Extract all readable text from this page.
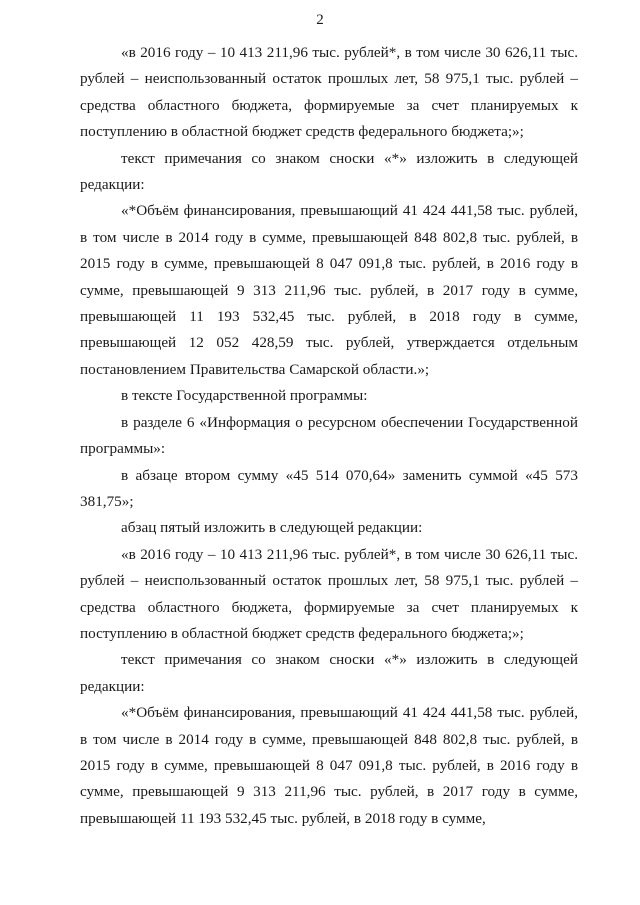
2

«в 2016 году – 10 413 211,96 тыс. рублей*, в том числе 30 626,11 тыс. рублей – неиспользованный остаток прошлых лет, 58 975,1 тыс. рублей – средства областного бюджета, формируемые за счет планируемых к поступлению в областной бюджет средств федерального бюджета;»;

текст примечания со знаком сноски «*» изложить в следующей редакции:

«*Объём финансирования, превышающий 41 424 441,58 тыс. рублей, в том числе в 2014 году в сумме, превышающей 848 802,8 тыс. рублей, в 2015 году в сумме, превышающей 8 047 091,8 тыс. рублей, в 2016 году в сумме, превышающей 9 313 211,96 тыс. рублей, в 2017 году в сумме, превышающей 11 193 532,45 тыс. рублей, в 2018 году в сумме, превышающей 12 052 428,59 тыс. рублей, утверждается отдельным постановлением Правительства Самарской области.»;

в тексте Государственной программы:

в разделе 6 «Информация о ресурсном обеспечении Государственной программы»:

в абзаце втором сумму «45 514 070,64» заменить суммой «45 573 381,75»;

абзац пятый изложить в следующей редакции:

«в 2016 году – 10 413 211,96 тыс. рублей*, в том числе 30 626,11 тыс. рублей – неиспользованный остаток прошлых лет, 58 975,1 тыс. рублей – средства областного бюджета, формируемые за счет планируемых к поступлению в областной бюджет средств федерального бюджета;»;

текст примечания со знаком сноски «*» изложить в следующей редакции:

«*Объём финансирования, превышающий 41 424 441,58 тыс. рублей, в том числе в 2014 году в сумме, превышающей 848 802,8 тыс. рублей, в 2015 году в сумме, превышающей 8 047 091,8 тыс. рублей, в 2016 году в сумме, превышающей 9 313 211,96 тыс. рублей, в 2017 году в сумме, превышающей 11 193 532,45 тыс. рублей, в 2018 году в сумме,
